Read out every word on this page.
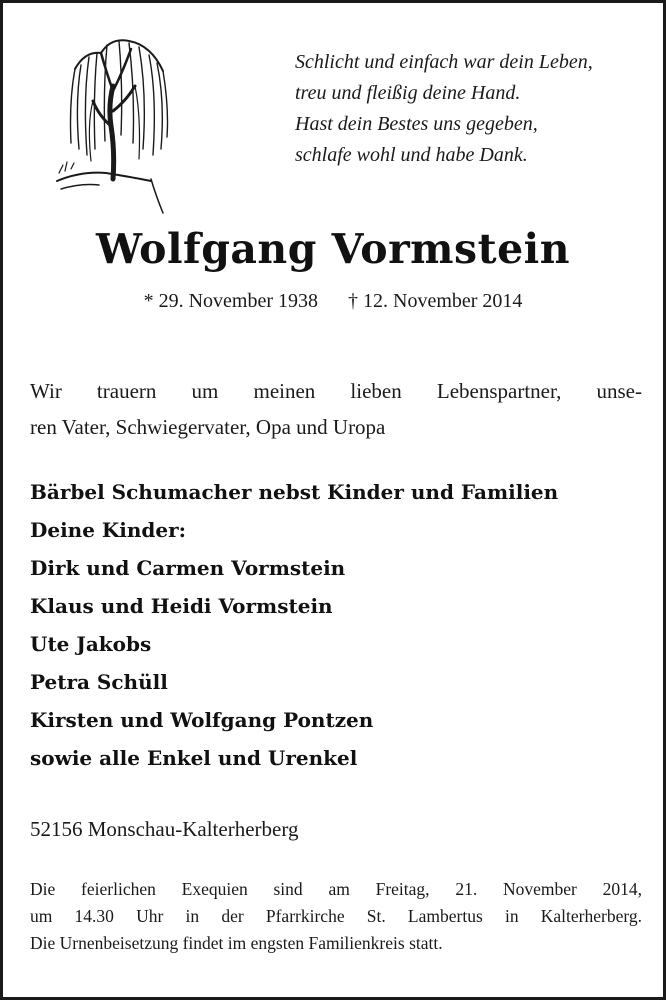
Schlicht und einfach war dein Leben,
treu und fleißig deine Hand.
Hast dein Bestes uns gegeben,
schlafe wohl und habe Dank.
Wolfgang Vormstein
* 29. November 1938 † 12. November 2014
Wir trauern um meinen lieben Lebenspartner, unse-
ren Vater, Schwiegervater, Opa und Uropa
Bärbel Schumacher nebst Kinder und Familien
Deine Kinder:
Dirk und Carmen Vormstein
Klaus und Heidi Vormstein
Ute Jakobs
Petra Schüll
Kirsten und Wolfgang Pontzen
sowie alle Enkel und Urenkel
52156 Monschau-Kalterherberg
Die feierlichen Exequien sind am Freitag, 21. November 2014,
um 14.30 Uhr in der Pfarrkirche St. Lambertus in Kalterherberg.
Die Urnenbeisetzung findet im engsten Familienkreis statt.
